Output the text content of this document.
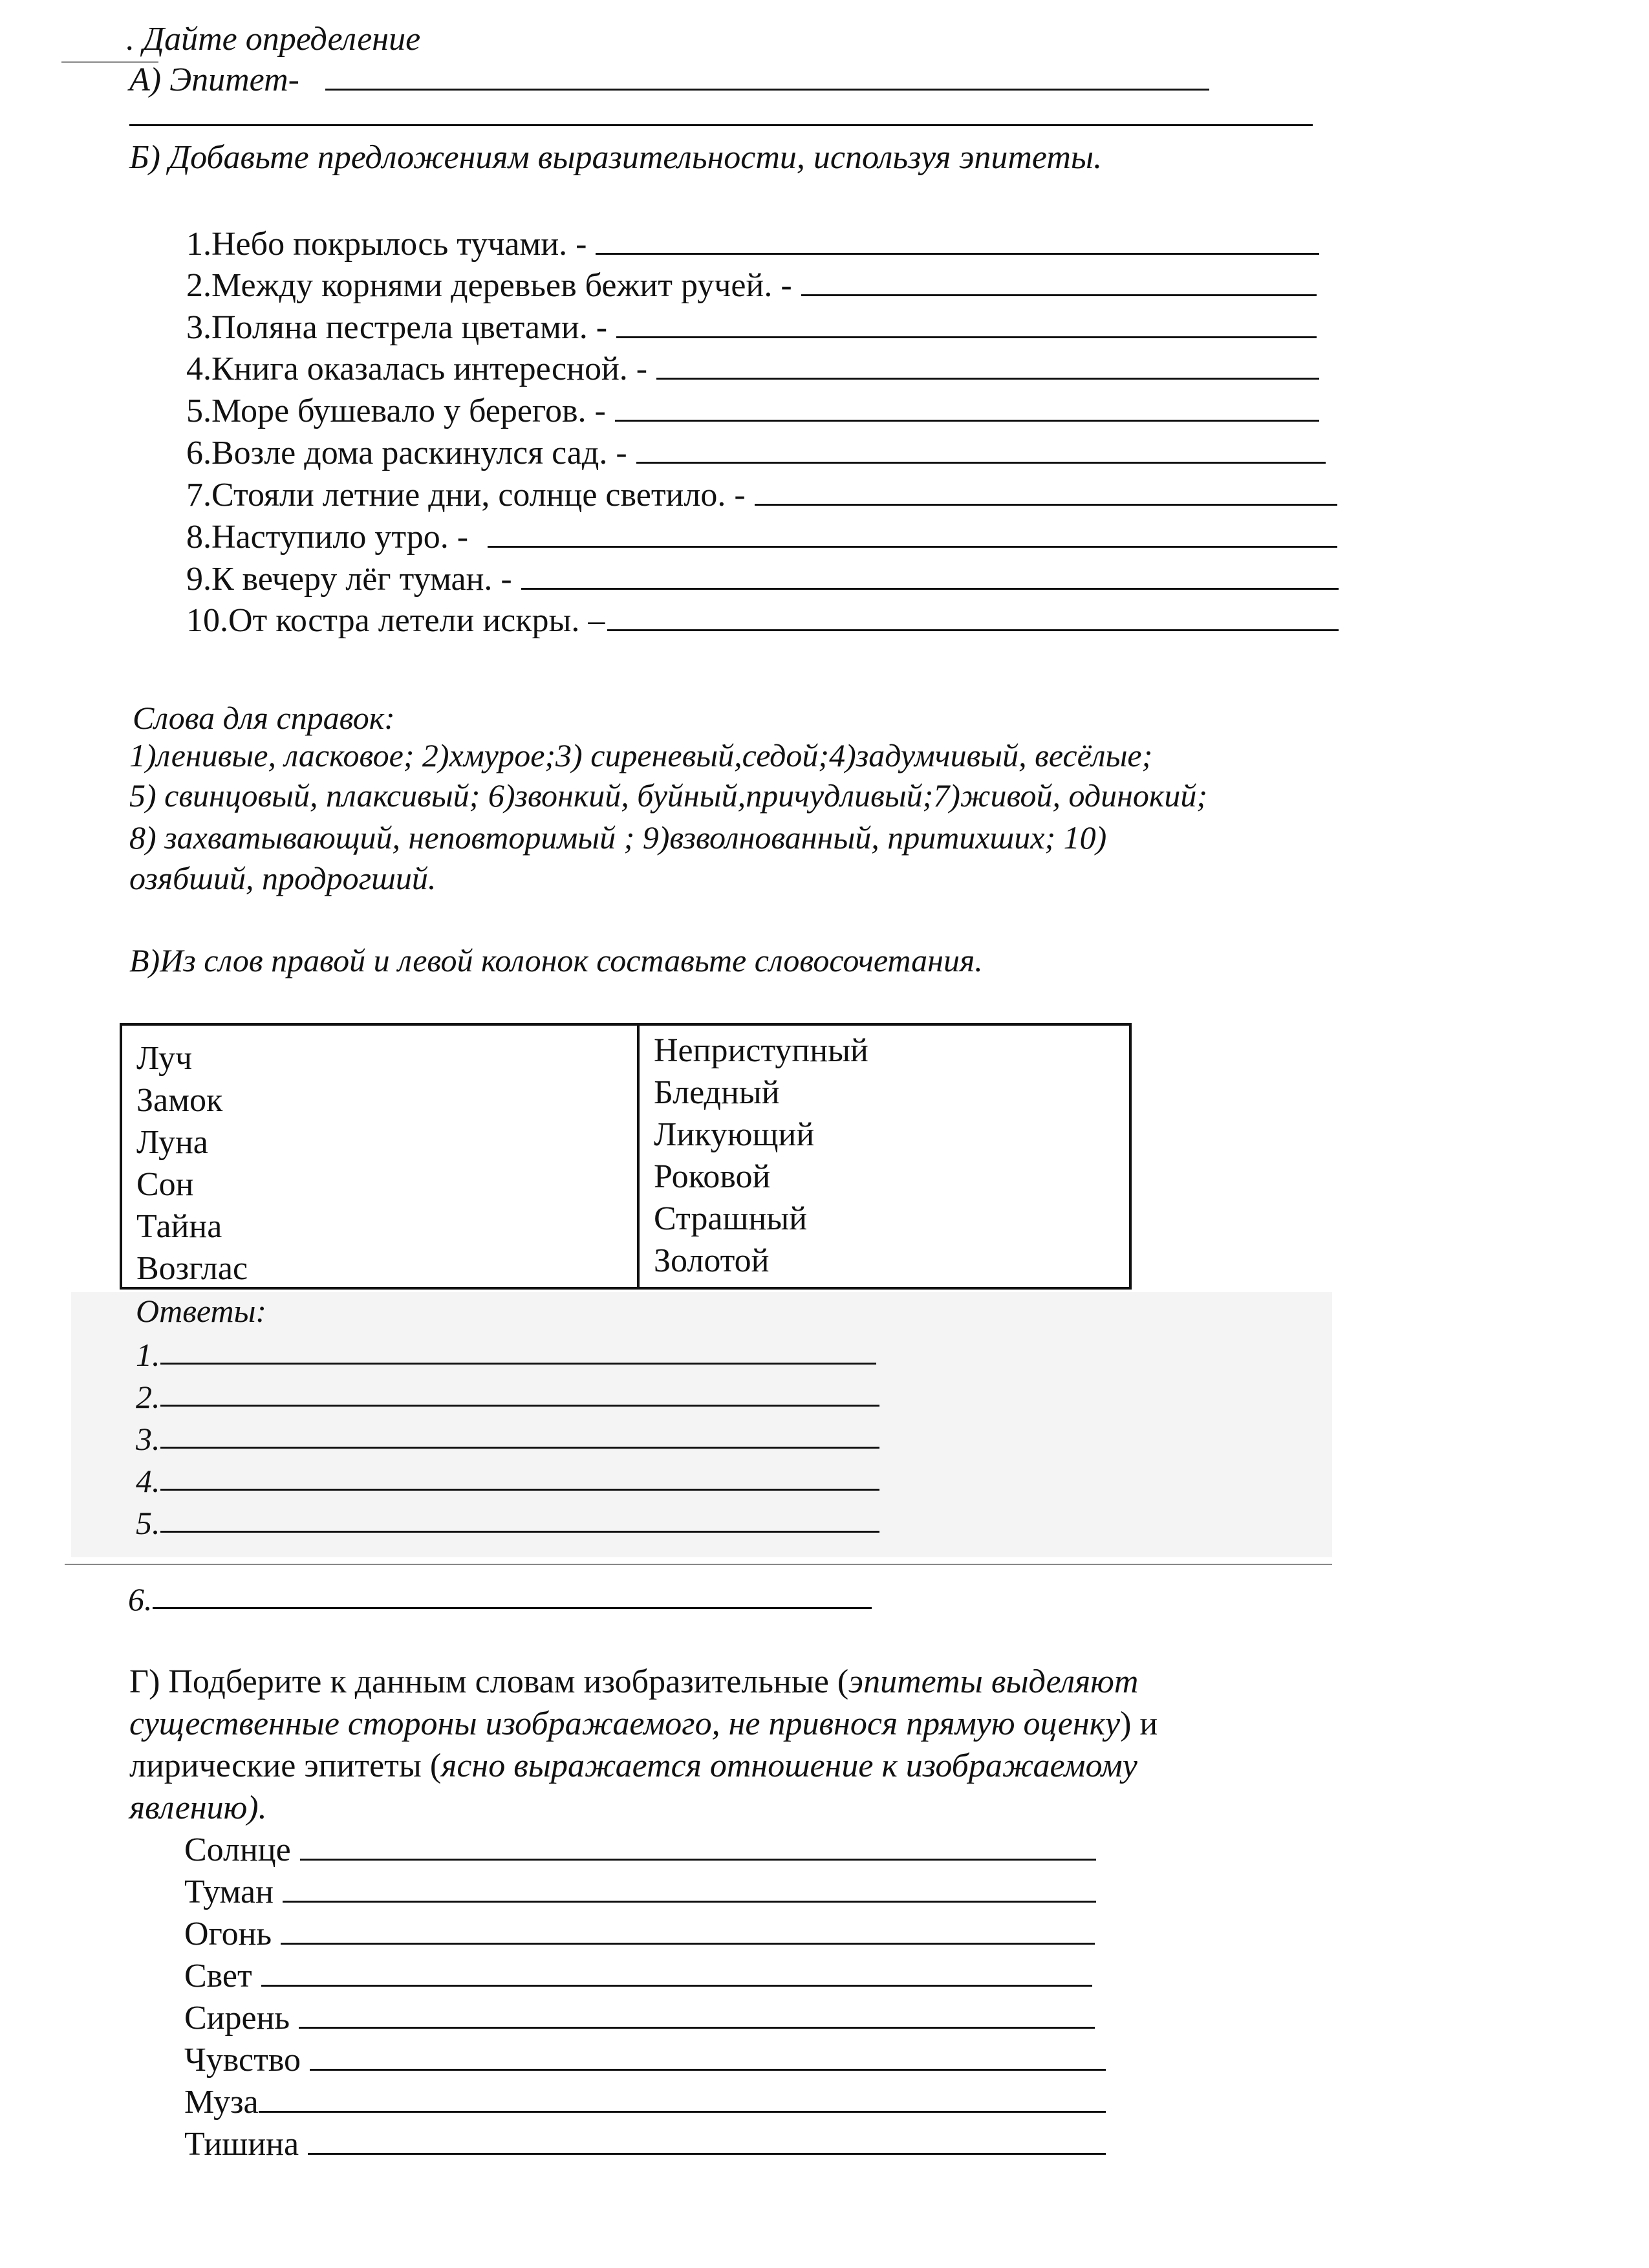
. Дайте определение
А) Эпитет-
Б) Добавьте предложениям выразительности, используя эпитеты.
1.Небо покрылось тучами. -
2.Между корнями деревьев бежит ручей. -
3.Поляна пестрела цветами. -
4.Книга оказалась интересной. -
5.Море бушевало у берегов. -
6.Возле дома раскинулся сад. -
7.Стояли летние дни, солнце светило. -
8.Наступило утро. -
9.К вечеру лёг туман. -
10.От костра летели искры. –
Слова для справок:
1)ленивые, ласковое; 2)хмурое;3) сиреневый,седой;4)задумчивый, весёлые;
5) свинцовый, плаксивый; 6)звонкий, буйный,причудливый;7)живой, одинокий;
8) захватывающий, неповторимый ; 9)взволнованный, притихших; 10)
озябший, продрогший.
В)Из слов правой и левой колонок составьте словосочетания.
Луч
Замок
Луна
Сон
Тайна
Возглас
Неприступный
Бледный
Ликующий
Роковой
Страшный
Золотой
Ответы:
1.
2.
3.
4.
5.
6.
Г) Подберите к данным словам изобразительные (эпитеты выделяют
существенные стороны изображаемого, не привнося прямую оценку) и
лирические эпитеты (ясно выражается отношение к изображаемому
явлению).
Солнце
Туман
Огонь
Свет
Сирень
Чувство
Муза
Тишина
